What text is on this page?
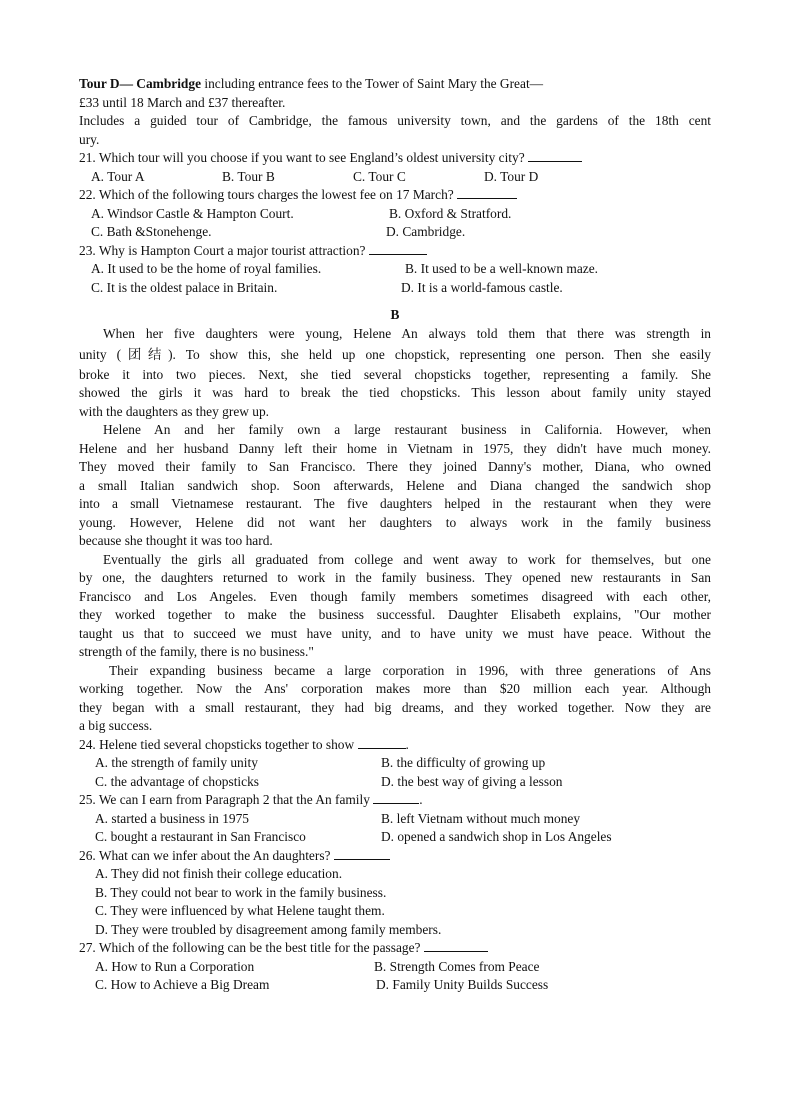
Tour D— Cambridge including entrance fees to the Tower of Saint Mary the Great—
£33 until 18 March and £37 thereafter.
Includes a guided tour of Cambridge, the famous university town, and the gardens of the 18th cent
ury.
21. Which tour will you choose if you want to see England’s oldest university city?
A. Tour A	B. Tour B	C. Tour C	D. Tour D
22. Which of the following tours charges the lowest fee on 17 March?
A. Windsor Castle & Hampton Court.	B. Oxford & Stratford.
C. Bath &Stonehenge.	D. Cambridge.
23. Why is Hampton Court a major tourist attraction?
A. It used to be the home of royal families.	B. It used to be a well-known maze.
C. It is the oldest palace in Britain.	D. It is a world-famous castle.
B
When her five daughters were young, Helene An always told them that there was strength in
unity (团结). To show this, she held up one chopstick, representing one person. Then she easily
broke it into two pieces. Next, she tied several chopsticks together, representing a family. She
showed the girls it was hard to break the tied chopsticks. This lesson about family unity stayed
with the daughters as they grew up.
Helene An and her family own a large restaurant business in California. However, when
Helene and her husband Danny left their home in Vietnam in 1975, they didn't have much money.
They moved their family to San Francisco. There they joined Danny's mother, Diana, who owned
a small Italian sandwich shop. Soon afterwards, Helene and Diana changed the sandwich shop
into a small Vietnamese restaurant. The five daughters helped in the restaurant when they were
young. However, Helene did not want her daughters to always work in the family business
because she thought it was too hard.
Eventually the girls all graduated from college and went away to work for themselves, but one
by one, the daughters returned to work in the family business. They opened new restaurants in San
Francisco and Los Angeles. Even though family members sometimes disagreed with each other,
they worked together to make the business successful. Daughter Elisabeth explains, "Our mother
taught us that to succeed we must have unity, and to have unity we must have peace. Without the
strength of the family, there is no business."
Their expanding business became a large corporation in 1996, with three generations of Ans
working together. Now the Ans' corporation makes more than $20 million each year. Although
they began with a small restaurant, they had big dreams, and they worked together. Now they are
a big success.
24. Helene tied several chopsticks together to show	.
A. the strength of family unity	B. the difficulty of growing up
C. the advantage of chopsticks	D. the best way of giving a lesson
25. We can I earn from Paragraph 2 that the An family	.
A. started a business in 1975	B. left Vietnam without much money
C. bought a restaurant in San Francisco	D. opened a sandwich shop in Los Angeles
26. What can we infer about the An daughters?
A. They did not finish their college education.
B. They could not bear to work in the family business.
C. They were influenced by what Helene taught them.
D. They were troubled by disagreement among family members.
27. Which of the following can be the best title for the passage?
A. How to Run a Corporation	B. Strength Comes from Peace
C. How to Achieve a Big Dream	D. Family Unity Builds Success
